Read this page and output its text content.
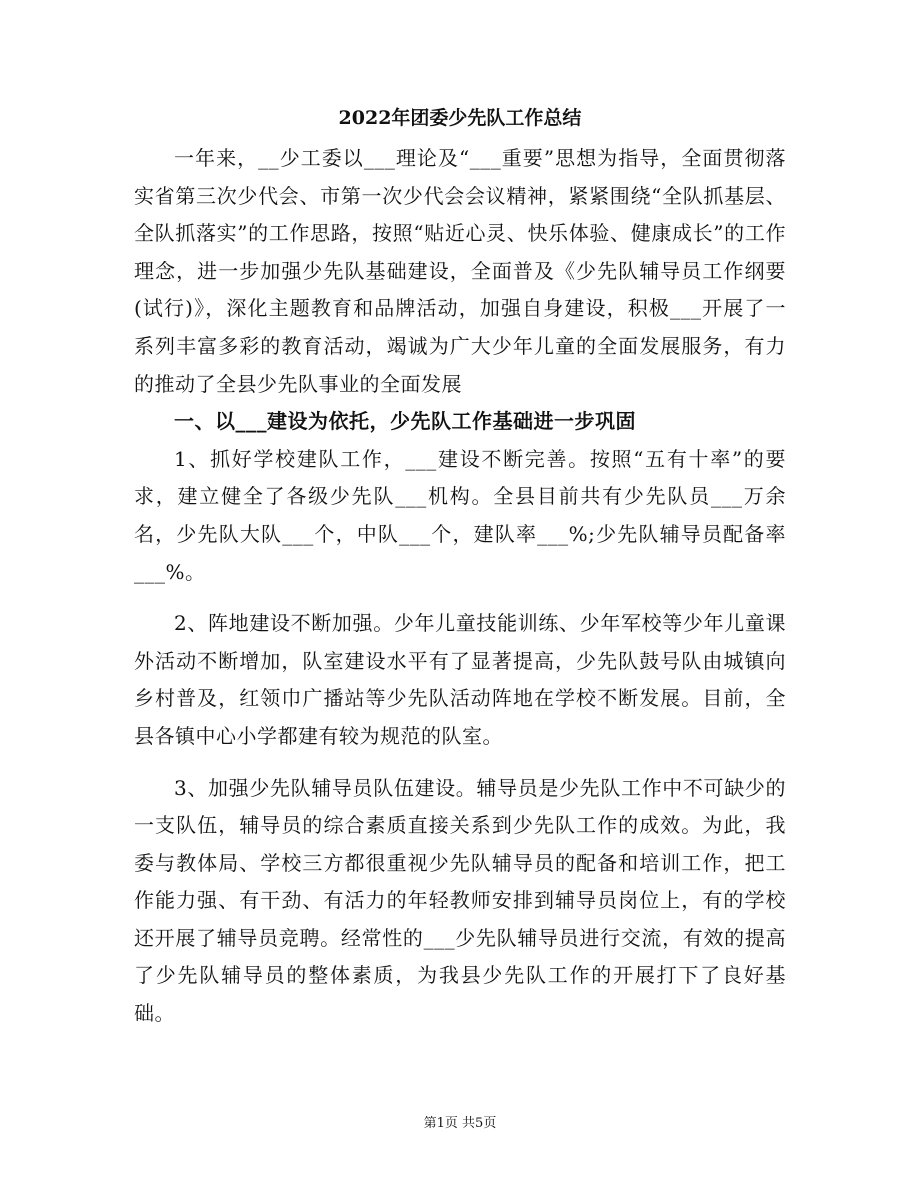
2022年团委少先队工作总结

一年来，__少工委以___理论及“___重要”思想为指导，全面贯彻落实省第三次少代会、市第一次少代会会议精神，紧紧围绕“全队抓基层、全队抓落实”的工作思路，按照“贴近心灵、快乐体验、健康成长”的工作理念，进一步加强少先队基础建设，全面普及《少先队辅导员工作纲要(试行)》，深化主题教育和品牌活动，加强自身建设，积极___开展了一系列丰富多彩的教育活动，竭诚为广大少年儿童的全面发展服务，有力的推动了全县少先队事业的全面发展

一、以___建设为依托，少先队工作基础进一步巩固

1、抓好学校建队工作，___建设不断完善。按照“五有十率”的要求，建立健全了各级少先队___机构。全县目前共有少先队员___万余名，少先队大队___个，中队___个，建队率___%;少先队辅导员配备率___%。

2、阵地建设不断加强。少年儿童技能训练、少年军校等少年儿童课外活动不断增加，队室建设水平有了显著提高，少先队鼓号队由城镇向乡村普及，红领巾广播站等少先队活动阵地在学校不断发展。目前，全县各镇中心小学都建有较为规范的队室。

3、加强少先队辅导员队伍建设。辅导员是少先队工作中不可缺少的一支队伍，辅导员的综合素质直接关系到少先队工作的成效。为此，我委与教体局、学校三方都很重视少先队辅导员的配备和培训工作，把工作能力强、有干劲、有活力的年轻教师安排到辅导员岗位上，有的学校还开展了辅导员竞聘。经常性的___少先队辅导员进行交流，有效的提高了少先队辅导员的整体素质，为我县少先队工作的开展打下了良好基础。

第1页 共5页
